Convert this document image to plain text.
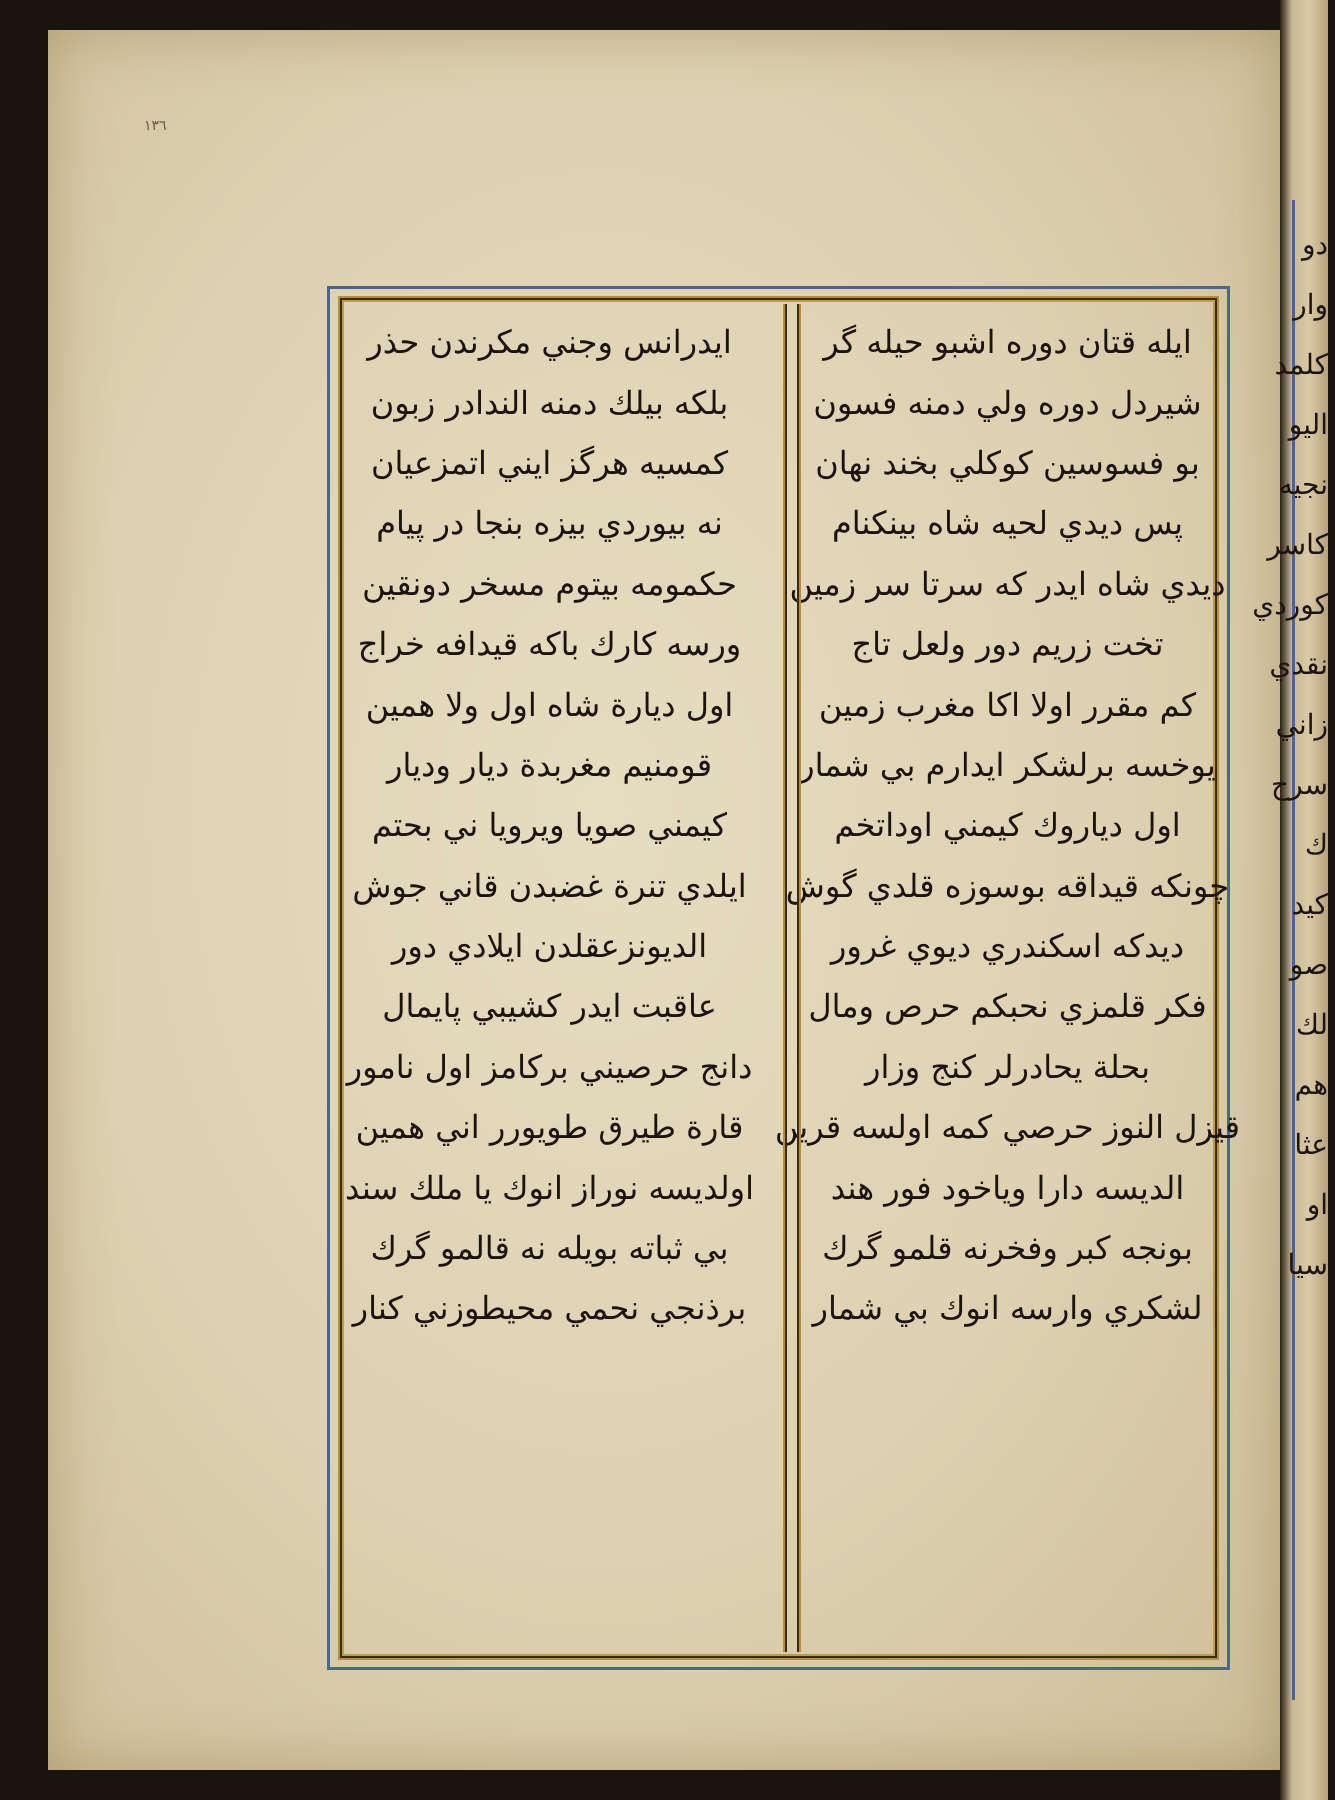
١٣٦
ايله قتان دوره اشبو حيله گر
شيردل دوره ولي دمنه فسون
بو فسوسين كوكلي بخند نهان
پس ديدي لحيه شاه بينكنام
ديدي شاه ايدر كه سرتا سر زمين
تخت زريم دور ولعل تاج
كم مقرر اولا اكا مغرب زمين
يوخسه برلشكر ايدارم بي شمار
اول دياروك كيمني اوداتخم
چونكه قيداقه بوسوزه قلدي گوش
ديدكه اسكندري ديوي غرور
فكر قلمزي نحبكم حرص ومال
بحلة يحادرلر كنج وزار
قيزل النوز حرصي كمه اولسه قرين
الديسه دارا وياخود فور هند
بونجه كبر وفخرنه قلمو گرك
لشكري وارسه انوك بي شمار
ايدرانس وجني مكرندن حذر
بلكه بيلك دمنه الندادر زبون
كمسيه هرگز ايني اتمزعيان
نه بيوردي بيزه بنجا در پيام
حكمومه بيتوم مسخر دونقين
ورسه كارك باكه قيدافه خراج
اول ديارة شاه اول ولا همين
قومنيم مغربدة ديار وديار
كيمني صويا ويرويا ني بحتم
ايلدي تنرة غضبدن قاني جوش
الديونزعقلدن ايلادي دور
عاقبت ايدر كشيبي پايمال
دانج حرصيني بركامز اول نامور
قارة طيرق طويورر اني همين
اولديسه نوراز انوك يا ملك سند
بي ثباته بويله نه قالمو گرك
برذنجي نحمي محيطوزني كنار
دو
وار
كلمد
اليو
نجيه
كاسر
كوردي
نقدي
زاني
سرح
ك
كيد
صو
لك
هم
عثا
او
سيا
